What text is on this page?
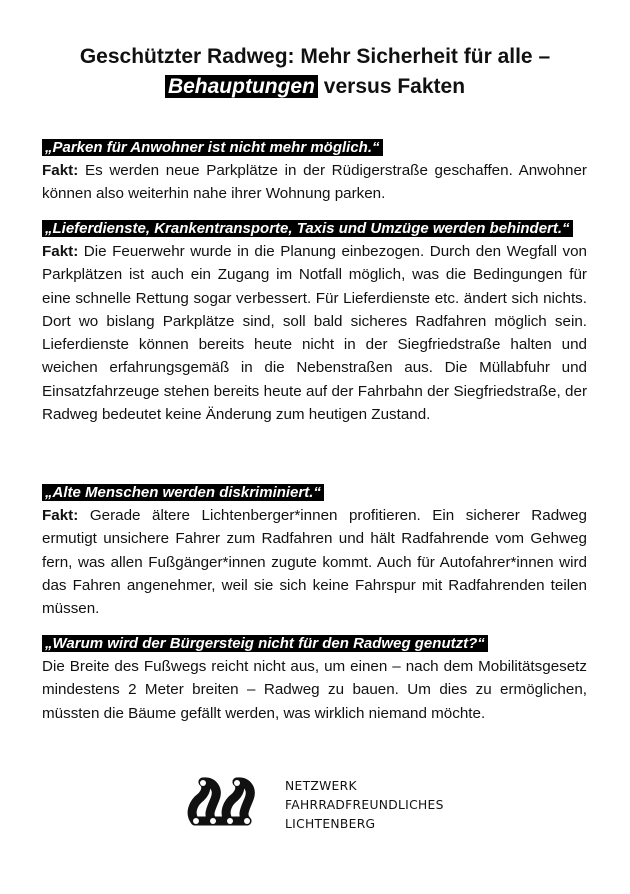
Geschützter Radweg: Mehr Sicherheit für alle –
Behauptungen versus Fakten
„Parken für Anwohner ist nicht mehr möglich.“

Fakt: Es werden neue Parkplätze in der Rüdigerstraße geschaffen. Anwohner können also weiterhin nahe ihrer Wohnung parken.

„Lieferdienste, Krankentransporte, Taxis und Umzüge werden behindert.“

Fakt: Die Feuerwehr wurde in die Planung einbezogen. Durch den Wegfall von Parkplätzen ist auch ein Zugang im Notfall möglich, was die Bedingungen für eine schnelle Rettung sogar verbessert. Für Lieferdienste etc. ändert sich nichts. Dort wo bislang Parkplätze sind, soll bald sicheres Radfahren möglich sein. Lieferdienste können bereits heute nicht in der Siegfriedstraße halten und weichen erfahrungsgemäß in die Nebenstraßen aus. Die Müllabfuhr und Einsatzfahrzeuge stehen bereits heute auf der Fahrbahn der Siegfriedstraße, der Radweg bedeutet keine Änderung zum heutigen Zustand.

„Alte Menschen werden diskriminiert.“

Fakt: Gerade ältere Lichtenberger*innen profitieren. Ein sicherer Radweg ermutigt unsichere Fahrer zum Radfahren und hält Radfahrende vom Gehweg fern, was allen Fußgänger*innen zugute kommt. Auch für Autofahrer*innen wird das Fahren angenehmer, weil sie sich keine Fahrspur mit Radfahrenden teilen müssen.

„Warum wird der Bürgersteig nicht für den Radweg genutzt?“

Die Breite des Fußwegs reicht nicht aus, um einen – nach dem Mobilitätsgesetz mindestens 2 Meter breiten – Radweg zu bauen. Um dies zu ermöglichen, müssten die Bäume gefällt werden, was wirklich niemand möchte.

NETZWERK
FAHRRADFREUNDLICHES
LICHTENBERG
